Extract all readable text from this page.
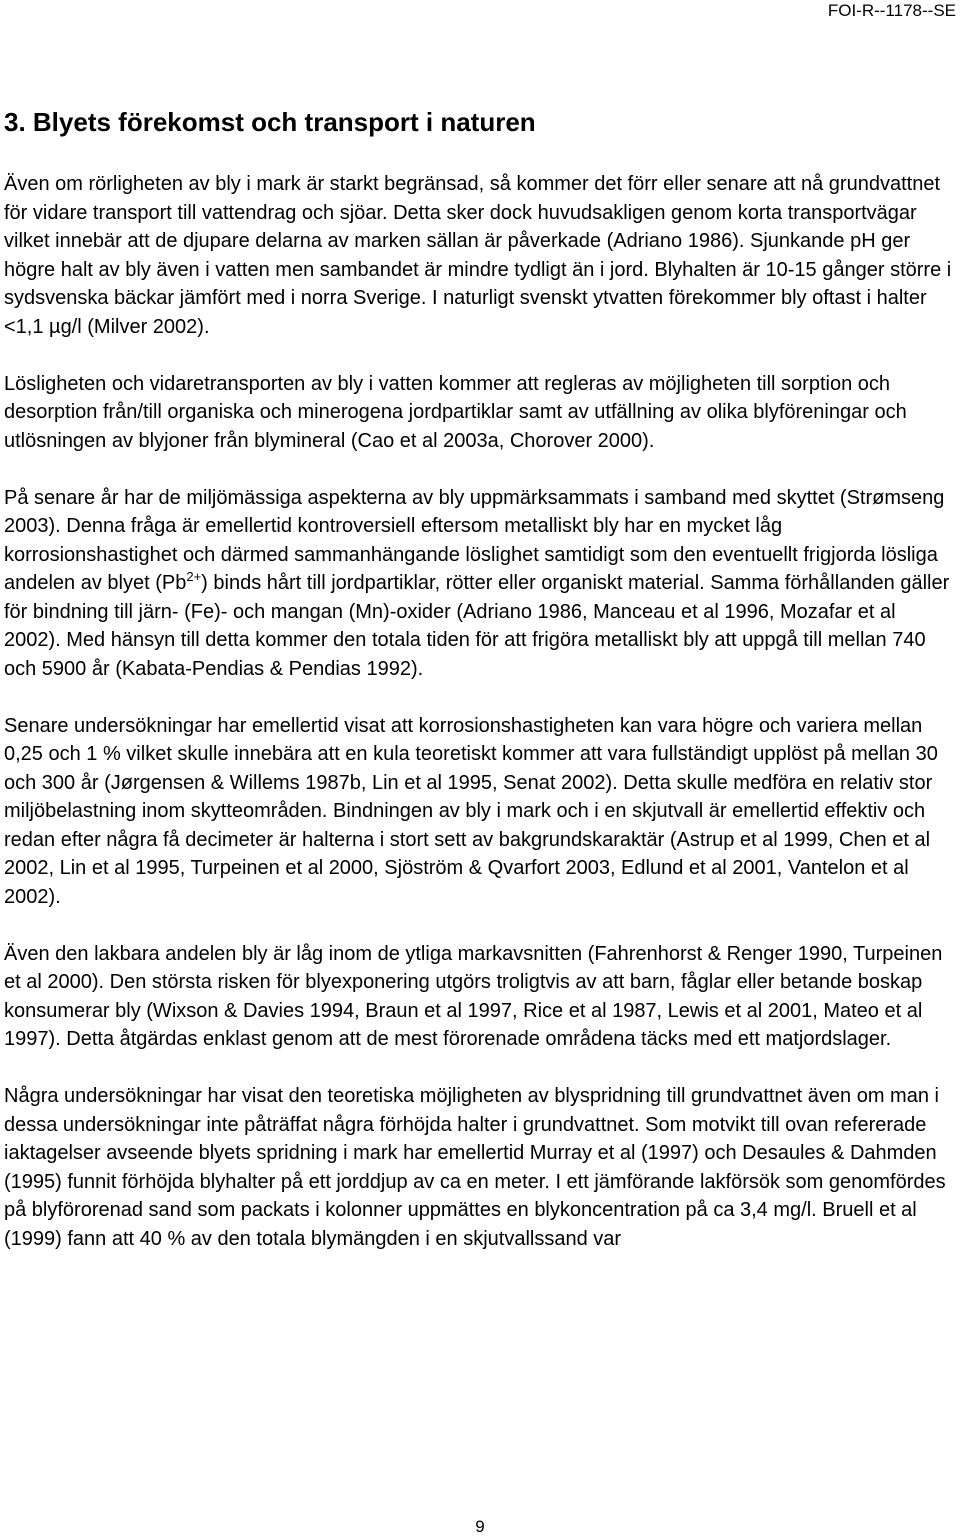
FOI-R--1178--SE
3. Blyets förekomst och transport i naturen

Även om rörligheten av bly i mark är starkt begränsad, så kommer det förr eller senare att nå grundvattnet för vidare transport till vattendrag och sjöar. Detta sker dock huvudsakligen genom korta transportvägar vilket innebär att de djupare delarna av marken sällan är påverkade (Adriano 1986). Sjunkande pH ger högre halt av bly även i vatten men sambandet är mindre tydligt än i jord. Blyhalten är 10-15 gånger större i sydsvenska bäckar jämfört med i norra Sverige. I naturligt svenskt ytvatten förekommer bly oftast i halter <1,1 µg/l (Milver 2002).

Lösligheten och vidaretransporten av bly i vatten kommer att regleras av möjligheten till sorption och desorption från/till organiska och minerogena jordpartiklar samt av utfällning av olika blyföreningar och utlösningen av blyjoner från blymineral (Cao et al 2003a, Chorover 2000).

På senare år har de miljömässiga aspekterna av bly uppmärksammats i samband med skyttet (Strømseng 2003). Denna fråga är emellertid kontroversiell eftersom metalliskt bly har en mycket låg korrosionshastighet och därmed sammanhängande löslighet samtidigt som den eventuellt frigjorda lösliga andelen av blyet $(Pb^{2+})$ binds hårt till jordpartiklar, rötter eller organiskt material. Samma förhållanden gäller för bindning till järn- (Fe)- och mangan (Mn)-oxider (Adriano 1986, Manceau et al 1996, Mozafar et al 2002). Med hänsyn till detta kommer den totala tiden för att frigöra metalliskt bly att uppgå till mellan 740 och 5900 år (Kabata-Pendias & Pendias 1992).

Senare undersökningar har emellertid visat att korrosionshastigheten kan vara högre och variera mellan 0,25 och 1 % vilket skulle innebära att en kula teoretiskt kommer att vara fullständigt upplöst på mellan 30 och 300 år (Jørgensen & Willems 1987b, Lin et al 1995, Senat 2002). Detta skulle medföra en relativ stor miljöbelastning inom skytteområden. Bindningen av bly i mark och i en skjutvall är emellertid effektiv och redan efter några få decimeter är halterna i stort sett av bakgrundskaraktär (Astrup et al 1999, Chen et al 2002, Lin et al 1995, Turpeinen et al 2000, Sjöström & Qvarfort 2003, Edlund et al 2001, Vantelon et al 2002).

Även den lakbara andelen bly är låg inom de ytliga markavsnitten (Fahrenhorst & Renger 1990, Turpeinen et al 2000). Den största risken för blyexponering utgörs troligtvis av att barn, fåglar eller betande boskap konsumerar bly (Wixson & Davies 1994, Braun et al 1997, Rice et al 1987, Lewis et al 2001, Mateo et al 1997). Detta åtgärdas enklast genom att de mest förorenade områdena täcks med ett matjordslager.

Några undersökningar har visat den teoretiska möjligheten av blyspridning till grundvattnet även om man i dessa undersökningar inte påträffat några förhöjda halter i grundvattnet. Som motvikt till ovan refererade iaktagelser avseende blyets spridning i mark har emellertid Murray et al (1997) och Desaules & Dahmden (1995) funnit förhöjda blyhalter på ett jorddjup av ca en meter. I ett jämförande lakförsök som genomfördes på blyförorenad sand som packats i kolonner uppmättes en blykoncentration på ca 3,4 mg/l. Bruell et al (1999) fann att 40 % av den totala blymängden i en skjutvallssand var

9
